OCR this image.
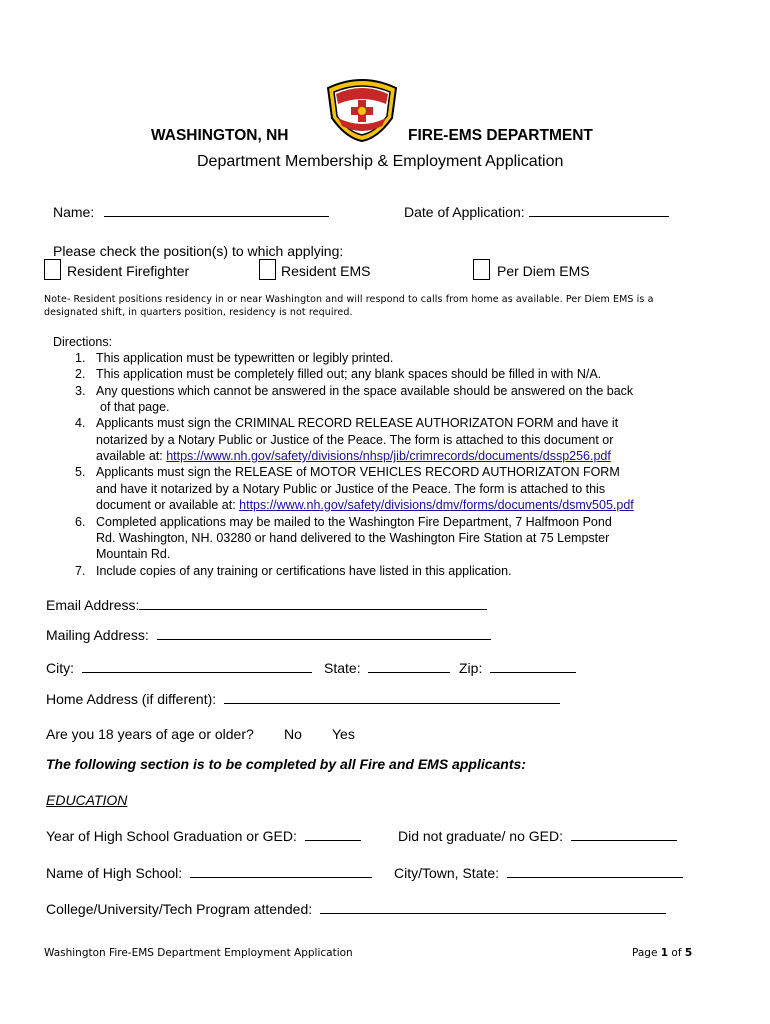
WASHINGTON, NH	FIRE-EMS DEPARTMENT
Department Membership & Employment Application
Name:	Date of Application:
Please check the position(s) to which applying:
Resident Firefighter	Resident EMS	Per Diem EMS
Note- Resident positions residency in or near Washington and will respond to calls from home as available. Per Diem EMS is a
designated shift, in quarters position, residency is not required.
Directions:
1. This application must be typewritten or legibly printed.
2. This application must be completely filled out; any blank spaces should be filled in with N/A.
3. Any questions which cannot be answered in the space available should be answered on the back
of that page.
4. Applicants must sign the CRIMINAL RECORD RELEASE AUTHORIZATON FORM and have it
notarized by a Notary Public or Justice of the Peace. The form is attached to this document or
available at: https://www.nh.gov/safety/divisions/nhsp/jib/crimrecords/documents/dssp256.pdf
5. Applicants must sign the RELEASE of MOTOR VEHICLES RECORD AUTHORIZATON FORM
and have it notarized by a Notary Public or Justice of the Peace. The form is attached to this
document or available at: https://www.nh.gov/safety/divisions/dmv/forms/documents/dsmv505.pdf
6. Completed applications may be mailed to the Washington Fire Department, 7 Halfmoon Pond
Rd. Washington, NH. 03280 or hand delivered to the Washington Fire Station at 75 Lempster
Mountain Rd.
7. Include copies of any training or certifications have listed in this application.
Email Address:
Mailing Address:
City:	State:	Zip:
Home Address (if different):
Are you 18 years of age or older? No Yes
The following section is to be completed by all Fire and EMS applicants:
EDUCATION
Year of High School Graduation or GED:	Did not graduate/ no GED:
Name of High School:	City/Town, State:
College/University/Tech Program attended:
Washington Fire-EMS Department Employment Application	Page 1 of 5
